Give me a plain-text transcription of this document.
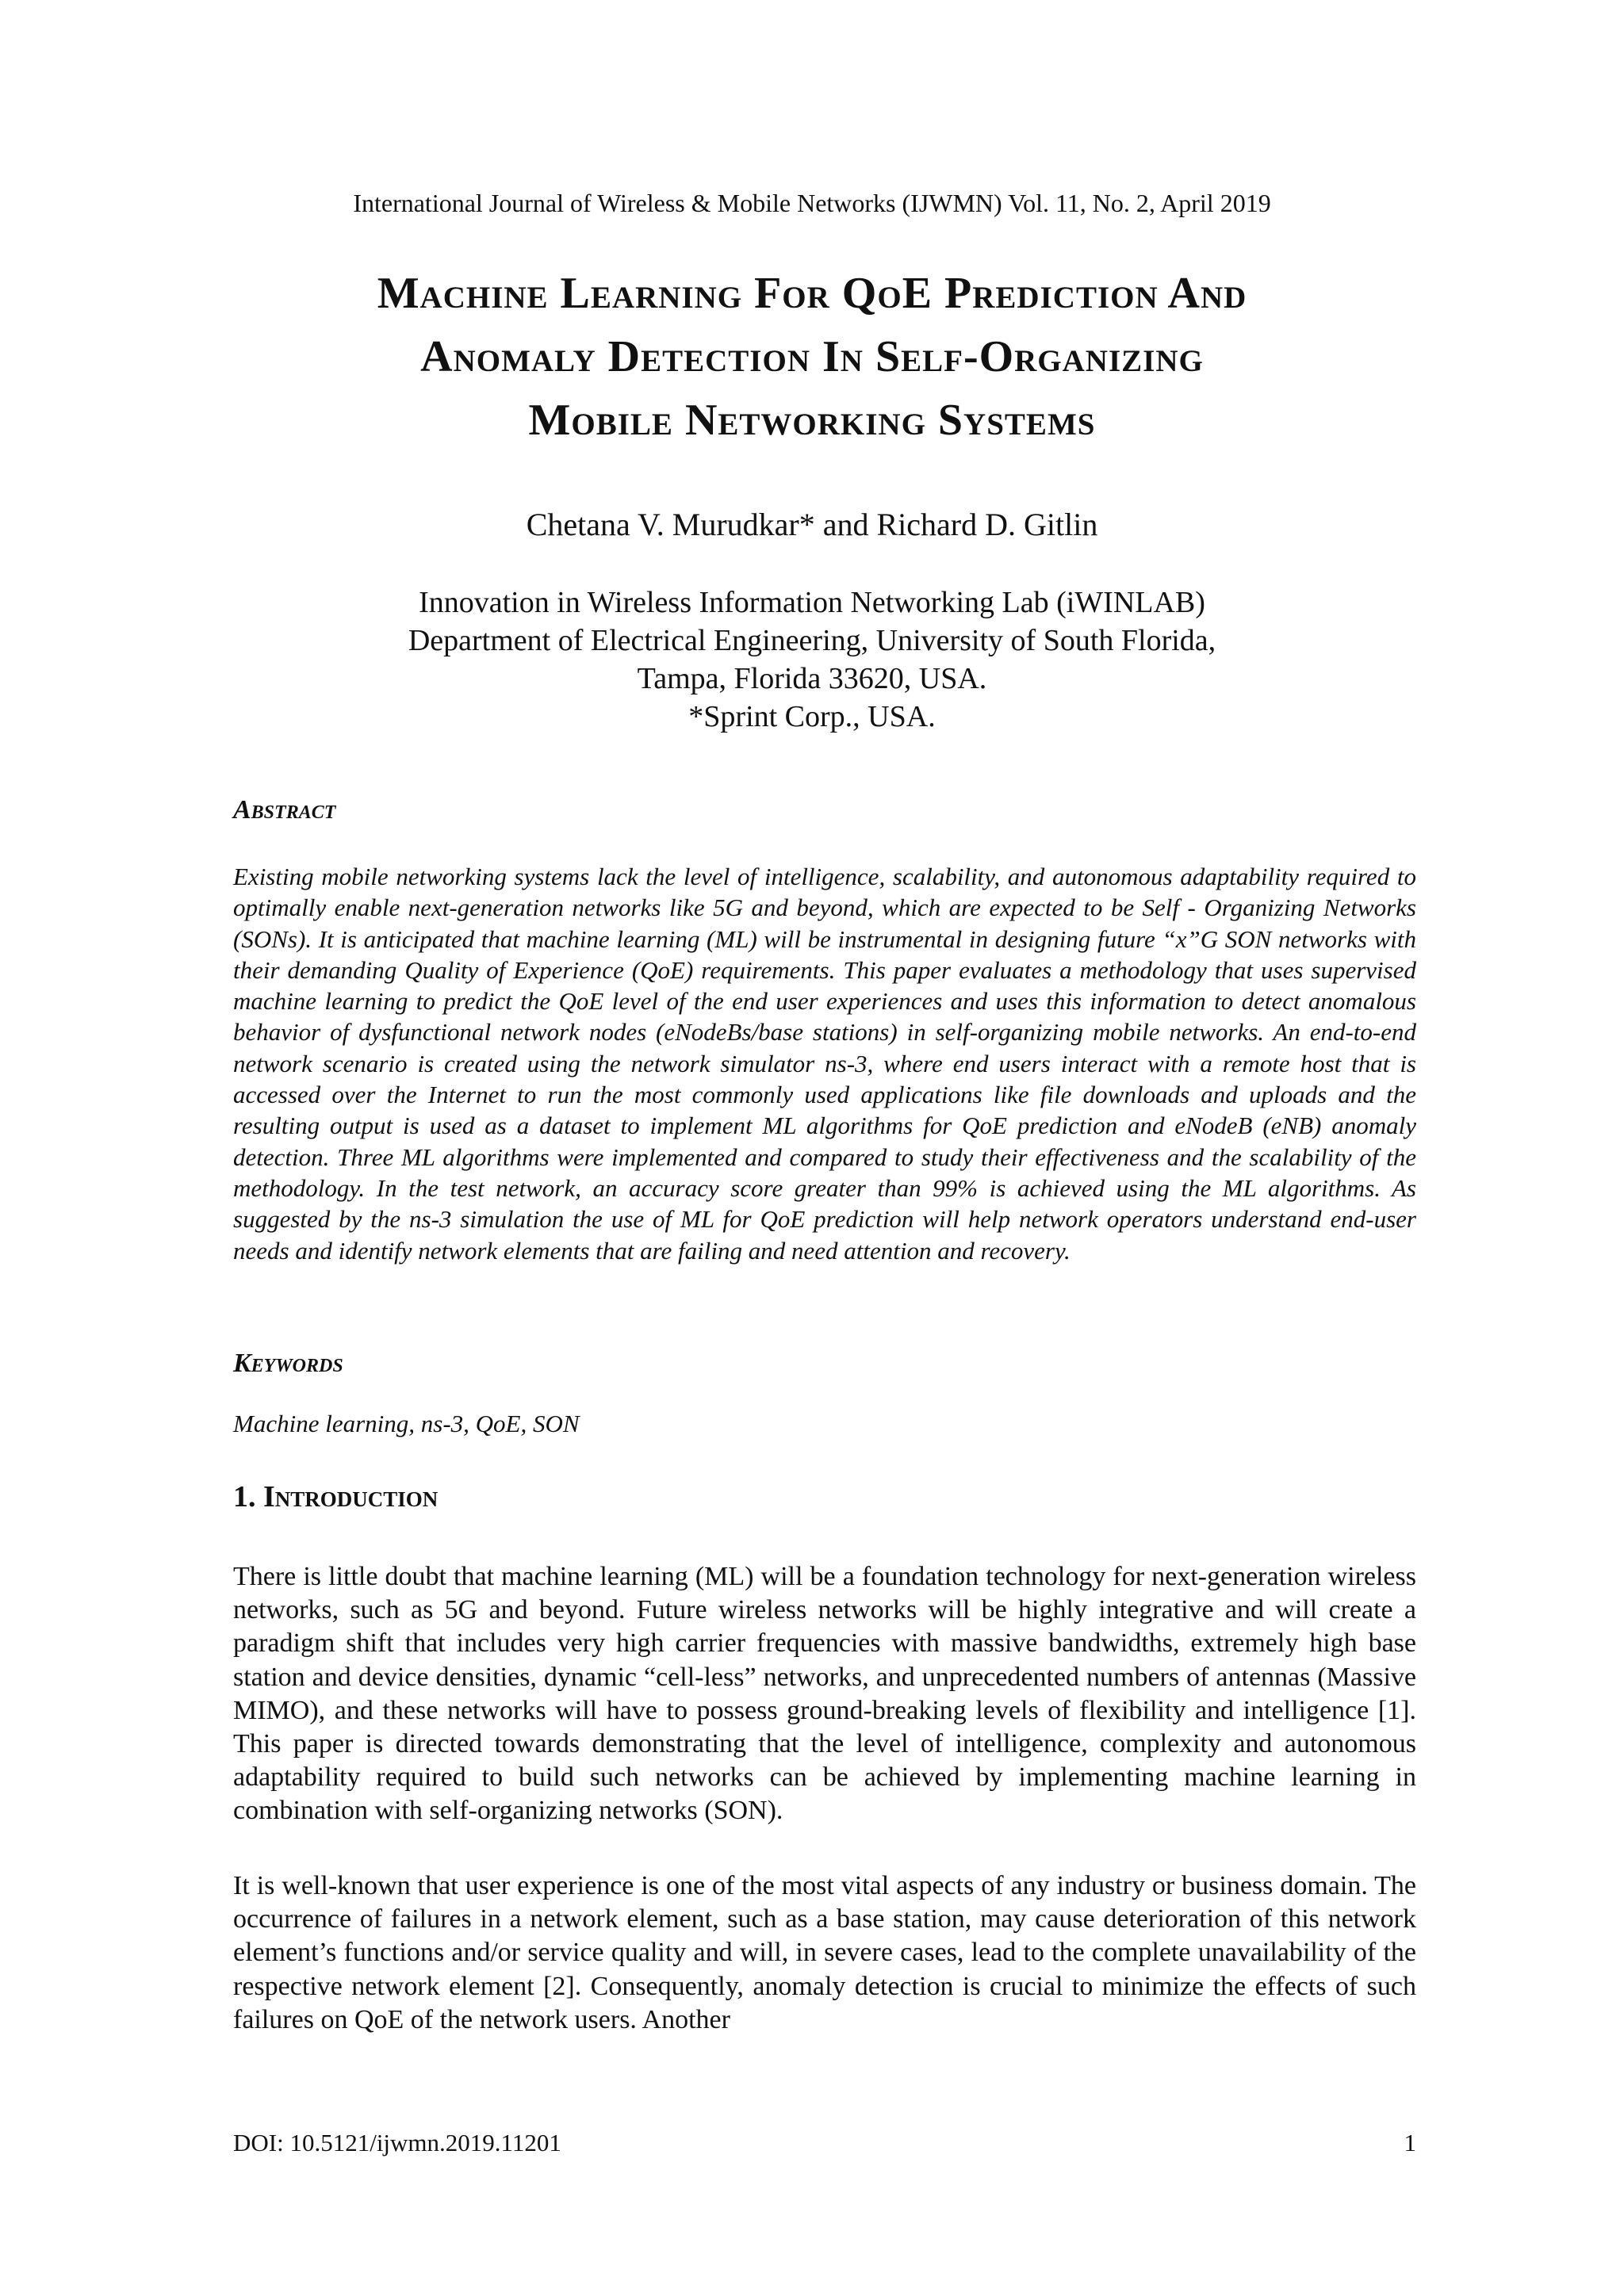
International Journal of Wireless & Mobile Networks (IJWMN) Vol. 11, No. 2, April 2019
Machine Learning For QoE Prediction And
Anomaly Detection In Self-Organizing
Mobile Networking Systems
Chetana V. Murudkar* and Richard D. Gitlin
Innovation in Wireless Information Networking Lab (iWINLAB)
Department of Electrical Engineering, University of South Florida,
Tampa, Florida 33620, USA.
*Sprint Corp., USA.
Abstract
Existing mobile networking systems lack the level of intelligence, scalability, and autonomous adaptability required to optimally enable next-generation networks like 5G and beyond, which are expected to be Self - Organizing Networks (SONs). It is anticipated that machine learning (ML) will be instrumental in designing future “x”G SON networks with their demanding Quality of Experience (QoE) requirements. This paper evaluates a methodology that uses supervised machine learning to predict the QoE level of the end user experiences and uses this information to detect anomalous behavior of dysfunctional network nodes (eNodeBs/base stations) in self-organizing mobile networks. An end-to-end network scenario is created using the network simulator ns-3, where end users interact with a remote host that is accessed over the Internet to run the most commonly used applications like file downloads and uploads and the resulting output is used as a dataset to implement ML algorithms for QoE prediction and eNodeB (eNB) anomaly detection. Three ML algorithms were implemented and compared to study their effectiveness and the scalability of the methodology. In the test network, an accuracy score greater than 99% is achieved using the ML algorithms. As suggested by the ns-3 simulation the use of ML for QoE prediction will help network operators understand end-user needs and identify network elements that are failing and need attention and recovery.
Keywords
Machine learning, ns-3, QoE, SON
1. Introduction
There is little doubt that machine learning (ML) will be a foundation technology for next-generation wireless networks, such as 5G and beyond. Future wireless networks will be highly integrative and will create a paradigm shift that includes very high carrier frequencies with massive bandwidths, extremely high base station and device densities, dynamic “cell-less” networks, and unprecedented numbers of antennas (Massive MIMO), and these networks will have to possess ground-breaking levels of flexibility and intelligence [1]. This paper is directed towards demonstrating that the level of intelligence, complexity and autonomous adaptability required to build such networks can be achieved by implementing machine learning in combination with self-organizing networks (SON).
It is well-known that user experience is one of the most vital aspects of any industry or business domain. The occurrence of failures in a network element, such as a base station, may cause deterioration of this network element’s functions and/or service quality and will, in severe cases, lead to the complete unavailability of the respective network element [2]. Consequently, anomaly detection is crucial to minimize the effects of such failures on QoE of the network users. Another
DOI: 10.5121/ijwmn.2019.11201	1
